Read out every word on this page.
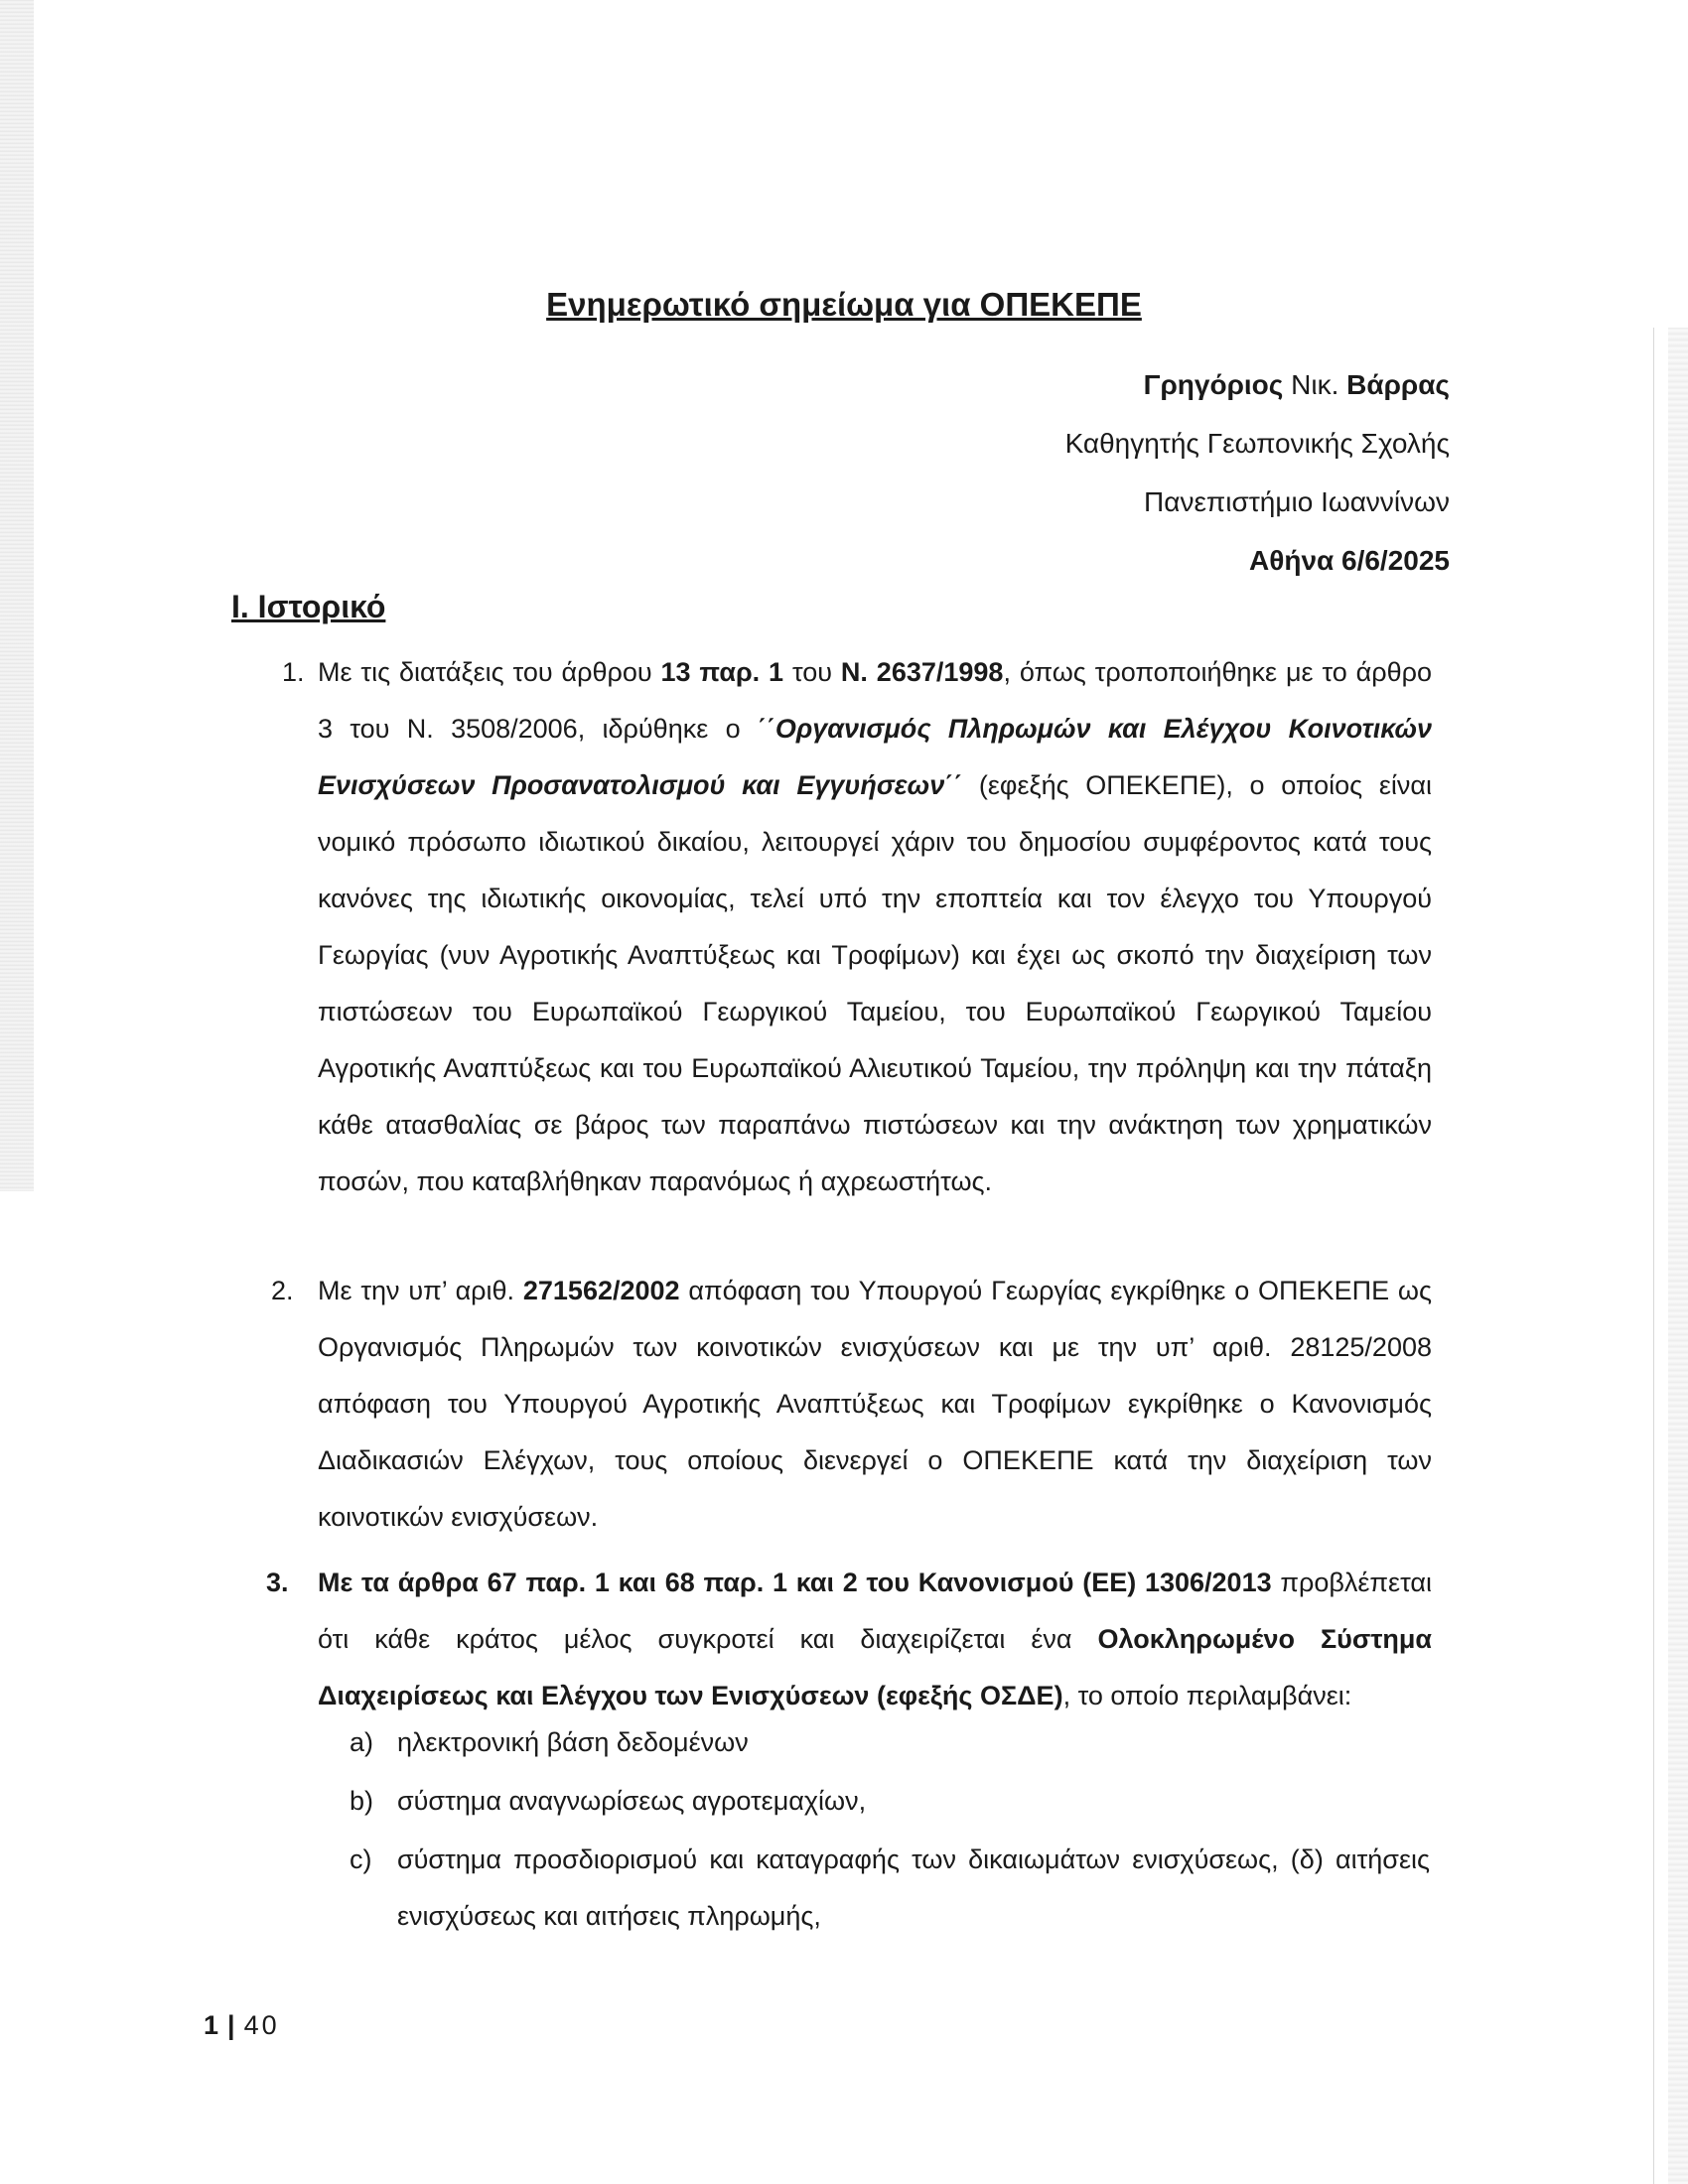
Ενημερωτικό σημείωμα για ΟΠΕΚΕΠΕ

Γρηγόριος Νικ. Βάρρας

Καθηγητής Γεωπονικής Σχολής

Πανεπιστήμιο Ιωαννίνων

Αθήνα 6/6/2025

Ι. Ιστορικό
1. Με τις διατάξεις του άρθρου 13 παρ. 1 του Ν. 2637/1998, όπως τροποποιήθηκε με το άρθρο 3 του Ν. 3508/2006, ιδρύθηκε ο ΄΄Οργανισμός Πληρωμών και Ελέγχου Κοινοτικών Ενισχύσεων Προσανατολισμού και Εγγυήσεων΄΄ (εφεξής ΟΠΕΚΕΠΕ), ο οποίος είναι νομικό πρόσωπο ιδιωτικού δικαίου, λειτουργεί χάριν του δημοσίου συμφέροντος κατά τους κανόνες της ιδιωτικής οικονομίας, τελεί υπό την εποπτεία και τον έλεγχο του Υπουργού Γεωργίας (νυν Αγροτικής Αναπτύξεως και Τροφίμων) και έχει ως σκοπό την διαχείριση των πιστώσεων του Ευρωπαϊκού Γεωργικού Ταμείου, του Ευρωπαϊκού Γεωργικού Ταμείου Αγροτικής Αναπτύξεως και του Ευρωπαϊκού Αλιευτικού Ταμείου, την πρόληψη και την πάταξη κάθε ατασθαλίας σε βάρος των παραπάνω πιστώσεων και την ανάκτηση των χρηματικών ποσών, που καταβλήθηκαν παρανόμως ή αχρεωστήτως.

2. Με την υπ’ αριθ. 271562/2002 απόφαση του Υπουργού Γεωργίας εγκρίθηκε ο ΟΠΕΚΕΠΕ ως Οργανισμός Πληρωμών των κοινοτικών ενισχύσεων και με την υπ’ αριθ. 28125/2008 απόφαση του Υπουργού Αγροτικής Αναπτύξεως και Τροφίμων εγκρίθηκε ο Κανονισμός Διαδικασιών Ελέγχων, τους οποίους διενεργεί ο ΟΠΕΚΕΠΕ κατά την διαχείριση των κοινοτικών ενισχύσεων.

3. Με τα άρθρα 67 παρ. 1 και 68 παρ. 1 και 2 του Κανονισμού (ΕΕ) 1306/2013 προβλέπεται ότι κάθε κράτος μέλος συγκροτεί και διαχειρίζεται ένα Ολοκληρωμένο Σύστημα Διαχειρίσεως και Ελέγχου των Ενισχύσεων (εφεξής ΟΣΔΕ), το οποίο περιλαμβάνει:

a) ηλεκτρονική βάση δεδομένων

b) σύστημα αναγνωρίσεως αγροτεμαχίων,

c) σύστημα προσδιορισμού και καταγραφής των δικαιωμάτων ενισχύσεως, (δ) αιτήσεις ενισχύσεως και αιτήσεις πληρωμής,

1 | 40
